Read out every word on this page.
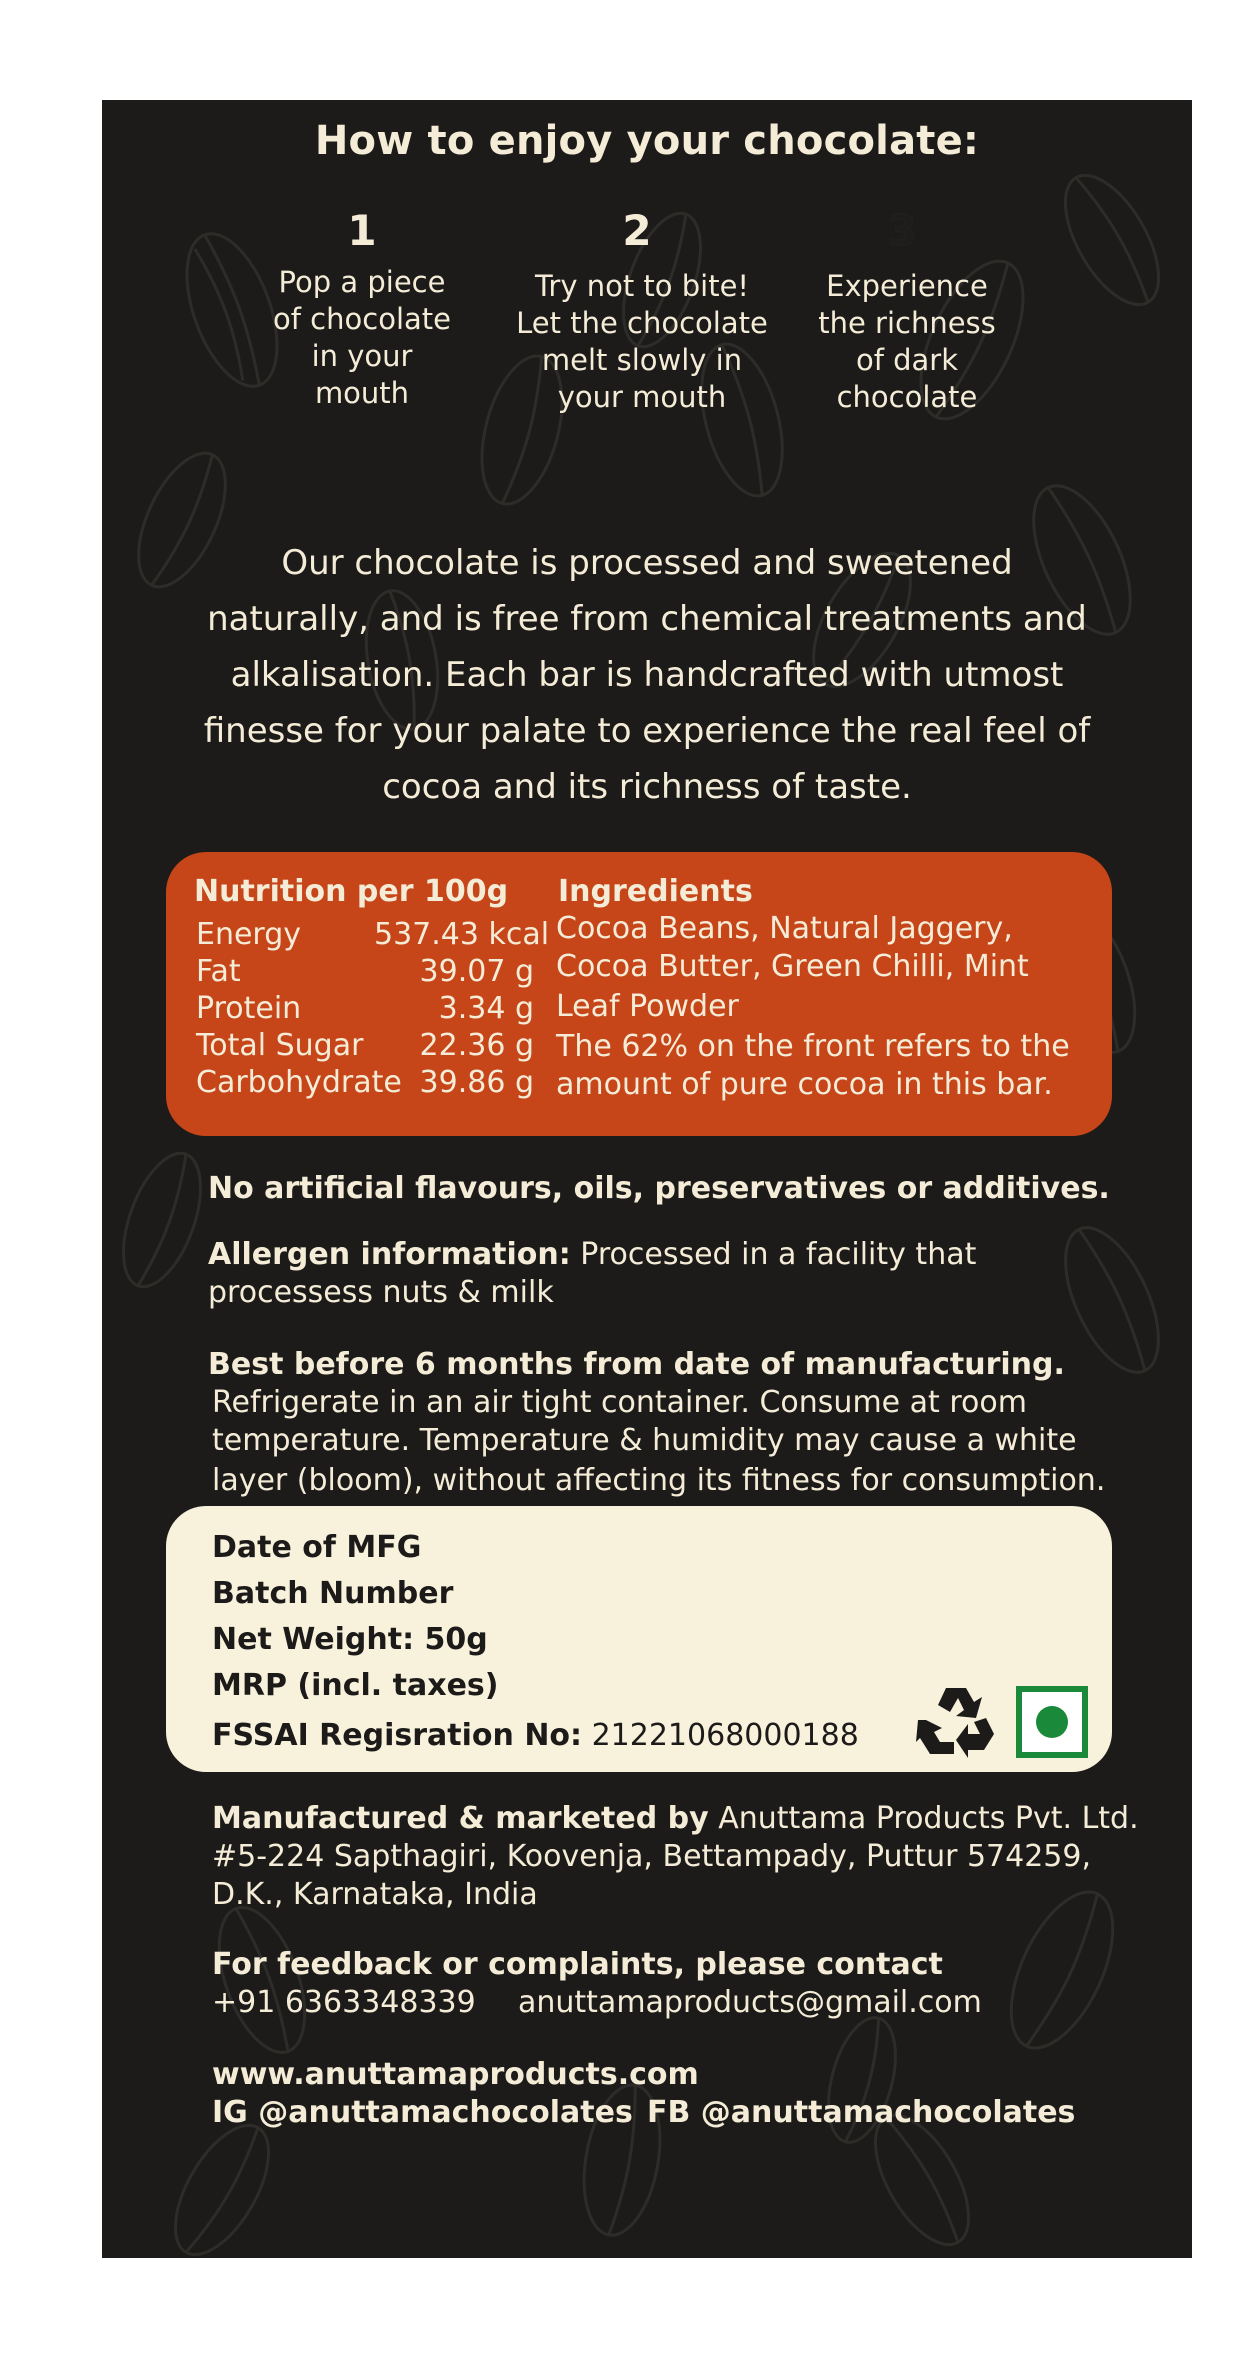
How to enjoy your chocolate:
1
Pop a piece
of chocolate
in your
mouth
2
Try not to bite!
Let the chocolate
melt slowly in
your mouth
3
Experience
the richness
of dark
chocolate
Our chocolate is processed and sweetened
naturally, and is free from chemical treatments and
alkalisation. Each bar is handcrafted with utmost
finesse for your palate to experience the real feel of
cocoa and its richness of taste.
Nutrition per 100g Ingredients
Energy 537.43 kcal
Fat	39.07 g
Protein	3.34 g
Total Sugar	22.36 g
Carbohydrate 39.86 g
Cocoa Beans, Natural Jaggery,
Cocoa Butter, Green Chilli, Mint
Leaf Powder
The 62% on the front refers to the
amount of pure cocoa in this bar.
No artificial flavours, oils, preservatives or additives.
Allergen information: Processed in a facility that
processess nuts & milk
Best before 6 months from date of manufacturing.
Refrigerate in an air tight container. Consume at room
temperature. Temperature & humidity may cause a white
layer (bloom), without affecting its fitness for consumption.
Date of MFG
Batch Number
Net Weight: 50g
MRP (incl. taxes)
FSSAI Regisration No: 21221068000188
Manufactured & marketed by Anuttama Products Pvt. Ltd.
#5-224 Sapthagiri, Koovenja, Bettampady, Puttur 574259,
D.K., Karnataka, India
For feedback or complaints, please contact
+91 6363348339 anuttamaproducts@gmail.com
www.anuttamaproducts.com
IG @anuttamachocolates FB @anuttamachocolates
